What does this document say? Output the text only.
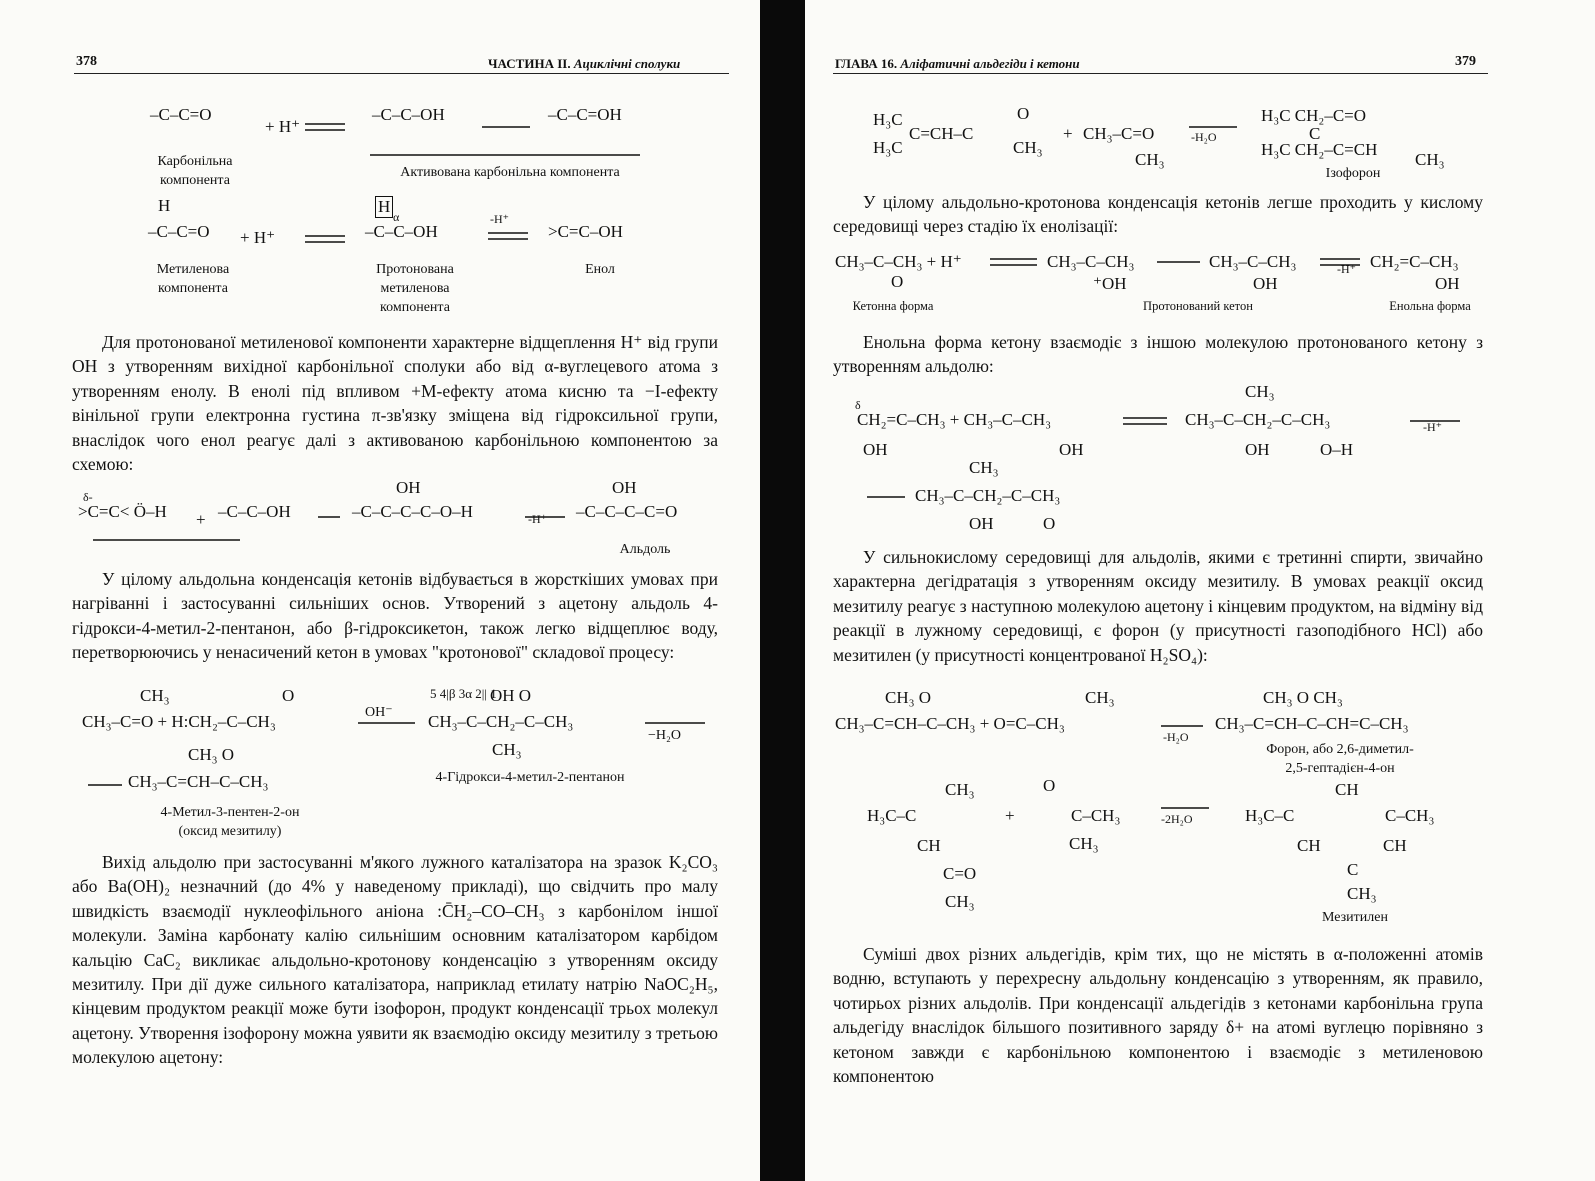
378	ЧАСТИНА II. Ациклічні сполуки
–C–C=O
+ H⁺
–C–C–OH	–C–C=OH
Карбонільна компонента
Активована карбонільна компонента
H
–C–C=O + H⁺
H
α
–C–C–OH
-H⁺
>C=C–OH
Метиленова компонента
Протонована метиленова компонента
Енол

Для протонованої метиленової компоненти характерне відщеплення H⁺ від групи OH з утворенням вихідної карбонільної сполуки або від α-вуглецевого атома з утворенням енолу. В енолі під впливом +M-ефекту атома кисню та −I-ефекту вінільної групи електронна густина π-зв'язку зміщена від гідроксильної групи, внаслідок чого енол реагує далі з активованою карбонільною компонентою за схемою:

δ-
>C=C< Ö–H + –C–C–OH
OH
–C–C–C–C–O–H	-H⁺
OH
–C–C–C–C=O
Альдоль

У цілому альдольна конденсація кетонів відбувається в жорсткіших умовах при нагріванні і застосуванні сильніших основ. Утворений з ацетону альдоль 4-гідрокси-4-метил-2-пентанон, або β-гідроксикетон, також легко відщеплює воду, перетворюючись у ненасичений кетон в умовах "кротонової" складової процесу:

CH₃	O
CH₃–C=O + H:CH₂–C–CH₃	OH⁻
5 4|β 3α 2|| 1
OH O
CH₃–C–CH₂–C–CH₃
CH₃
−H₂O
4-Гідрокси-4-метил-2-пентанон
CH₃ O
CH₃–C=CH–C–CH₃
4-Метил-3-пентен-2-он
(оксид мезитилу)

Вихід альдолю при застосуванні м'якого лужного каталізатора на зразок K₂CO₃ або Ba(OH)₂ незначний (до 4% у наведеному прикладі), що свідчить про малу швидкість взаємодії нуклеофільного аніона :C̄H₂–CO–CH₃ з карбонілом іншої молекули. Заміна карбонату калію сильнішим основним каталізатором карбідом кальцію CaC₂ викликає альдольно-кротонову конденсацію з утворенням оксиду мезитилу. При дії дуже сильного каталізатора, наприклад етилату натрію NaOC₂H₅, кінцевим продуктом реакції може бути ізофорон, продукт конденсації трьох молекул ацетону. Утворення ізофорону можна уявити як взаємодію оксиду мезитилу з третьою молекулою ацетону:

ГЛАВА 16. Аліфатичні альдегіди і кетони	379
H₃C
C=CH–C
H₃C
O
CH₃
+ CH₃–C=O
CH₃
-H₂O
H₃C CH₂–C=O
C
H₃C CH₂–C=CH
CH₃
Ізофорон

У цілому альдольно-кротонова конденсація кетонів легше проходить у кислому середовищі через стадію їх енолізації:

CH₃–C–CH₃ + H⁺
O
CH₃–C–CH₃
⁺OH
CH₃–C–CH₃
OH
-H⁺ CH₂=C–CH₃
OH
Кетонна форма	Протонований кетон	Енольна форма

Енольна форма кетону взаємодіє з іншою молекулою протонованого кетону з утворенням альдолю:

δ
CH₂=C–CH₃ + CH₃–C–CH₃
OH	OH
CH₃
CH₃–C–CH₂–C–CH₃
OH	O–H
-H⁺
CH₃
CH₃–C–CH₂–C–CH₃
OH	O

У сильнокислому середовищі для альдолів, якими є третинні спирти, звичайно характерна дегідратація з утворенням оксиду мезитилу. В умовах реакції оксид мезитилу реагує з наступною молекулою ацетону і кінцевим продуктом, на відміну від реакції в лужному середовищі, є форон (у присутності газоподібного HCl) або мезитилен (у присутності концентрованої H₂SO₄):

CH₃ O
CH₃–C=CH–C–CH₃ + O=C–CH₃
CH₃
-H₂O
CH₃ O CH₃
CH₃–C=CH–C–CH=C–CH₃
Форон, або 2,6-диметил-
2,5-гептадієн-4-он
CH₃
H₃C–C
CH
C=O
CH₃
+
O
C–CH₃
CH₃
-2H₂O
CH
H₃C–C	C–CH₃
CH	CH
C
CH₃
Мезитилен

Суміші двох різних альдегідів, крім тих, що не містять в α-положенні атомів водню, вступають у перехресну альдольну конденсацію з утворенням, як правило, чотирьох різних альдолів. При конденсації альдегідів з кетонами карбонільна група альдегіду внаслідок більшого позитивного заряду δ+ на атомі вуглецю порівняно з кетоном завжди є карбонільною компонентою і взаємодіє з метиленовою компонентою
